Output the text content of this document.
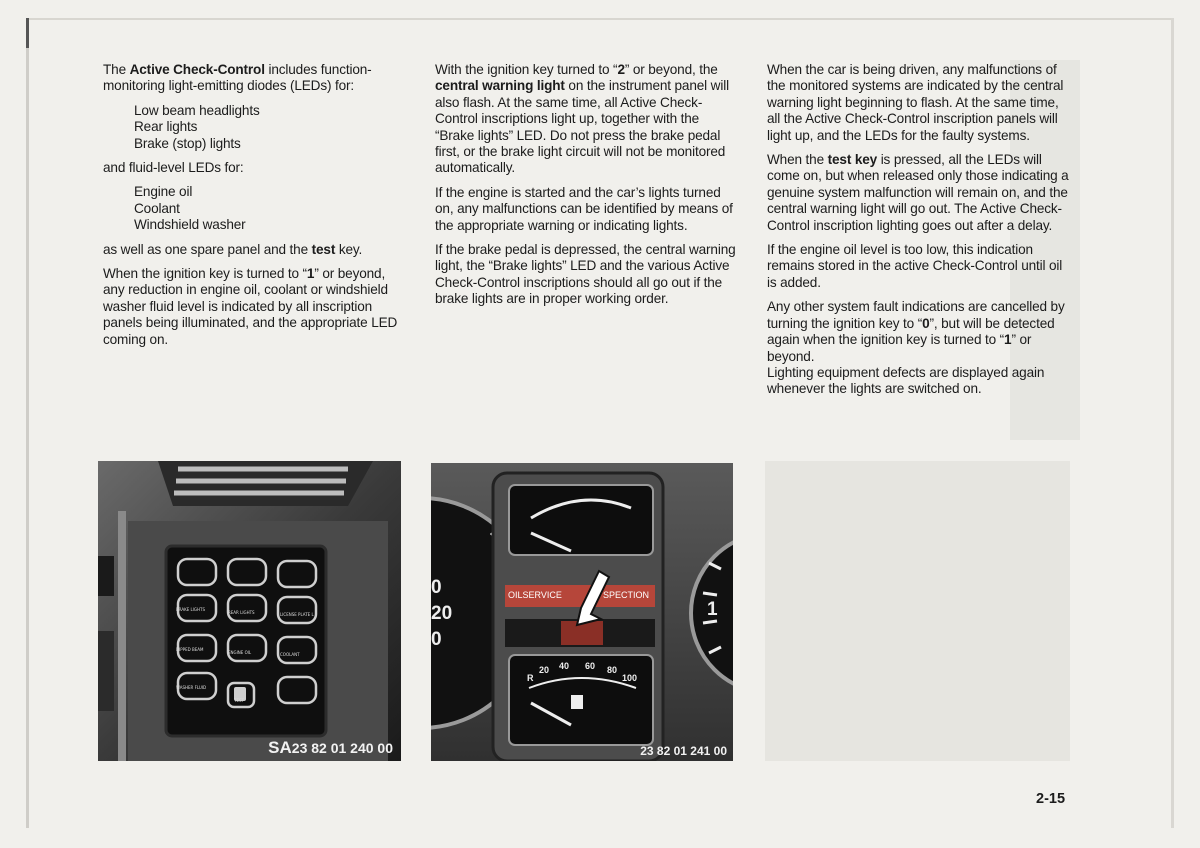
The Active Check-Control includes function-monitoring light-emitting diodes (LEDs) for:

Low beam headlights
Rear lights
Brake (stop) lights

and fluid-level LEDs for:

Engine oil
Coolant
Windshield washer

as well as one spare panel and the test key.

When the ignition key is turned to “1” or beyond, any reduction in engine oil, coolant or windshield washer fluid level is indicated by all inscription panels being illuminated, and the appropriate LED coming on.

With the ignition key turned to “2” or beyond, the central warning light on the instrument panel will also flash. At the same time, all Active Check-Control inscriptions light up, together with the “Brake lights” LED. Do not press the brake pedal first, or the brake light circuit will not be monitored automatically.

If the engine is started and the car’s lights turned on, any malfunctions can be identified by means of the appropriate warning or indicating lights.

If the brake pedal is depressed, the central warning light, the “Brake lights” LED and the various Active Check-Control inscriptions should all go out if the brake lights are in proper working order.

When the car is being driven, any malfunctions of the monitored systems are indicated by the central warning light beginning to flash. At the same time, all the Active Check-Control inscription panels will light up, and the LEDs for the faulty systems.

When the test key is pressed, all the LEDs will come on, but when released only those indicating a genuine system malfunction will remain on, and the central warning light will go out. The Active Check-Control inscription lighting goes out after a delay.

If the engine oil level is too low, this indication remains stored in the active Check-Control until oil is added.

Any other system fault indications are cancelled by turning the ignition key to “0”, but will be detected again when the ignition key is turned to “1” or beyond.

Lighting equipment defects are displayed again whenever the lights are switched on.

SA23 82 01 240 00
0
20
0
1
OILSERVICE	SPECTION
R
20 40 60 80
100
23 82 01 241 00
BRAKE LIGHTS
REAR LIGHTS	LICENSE PLATE L
DIPPED BEAM
ENGINE OIL	COOLANT
WASHER FLUID
TEST
2-15
